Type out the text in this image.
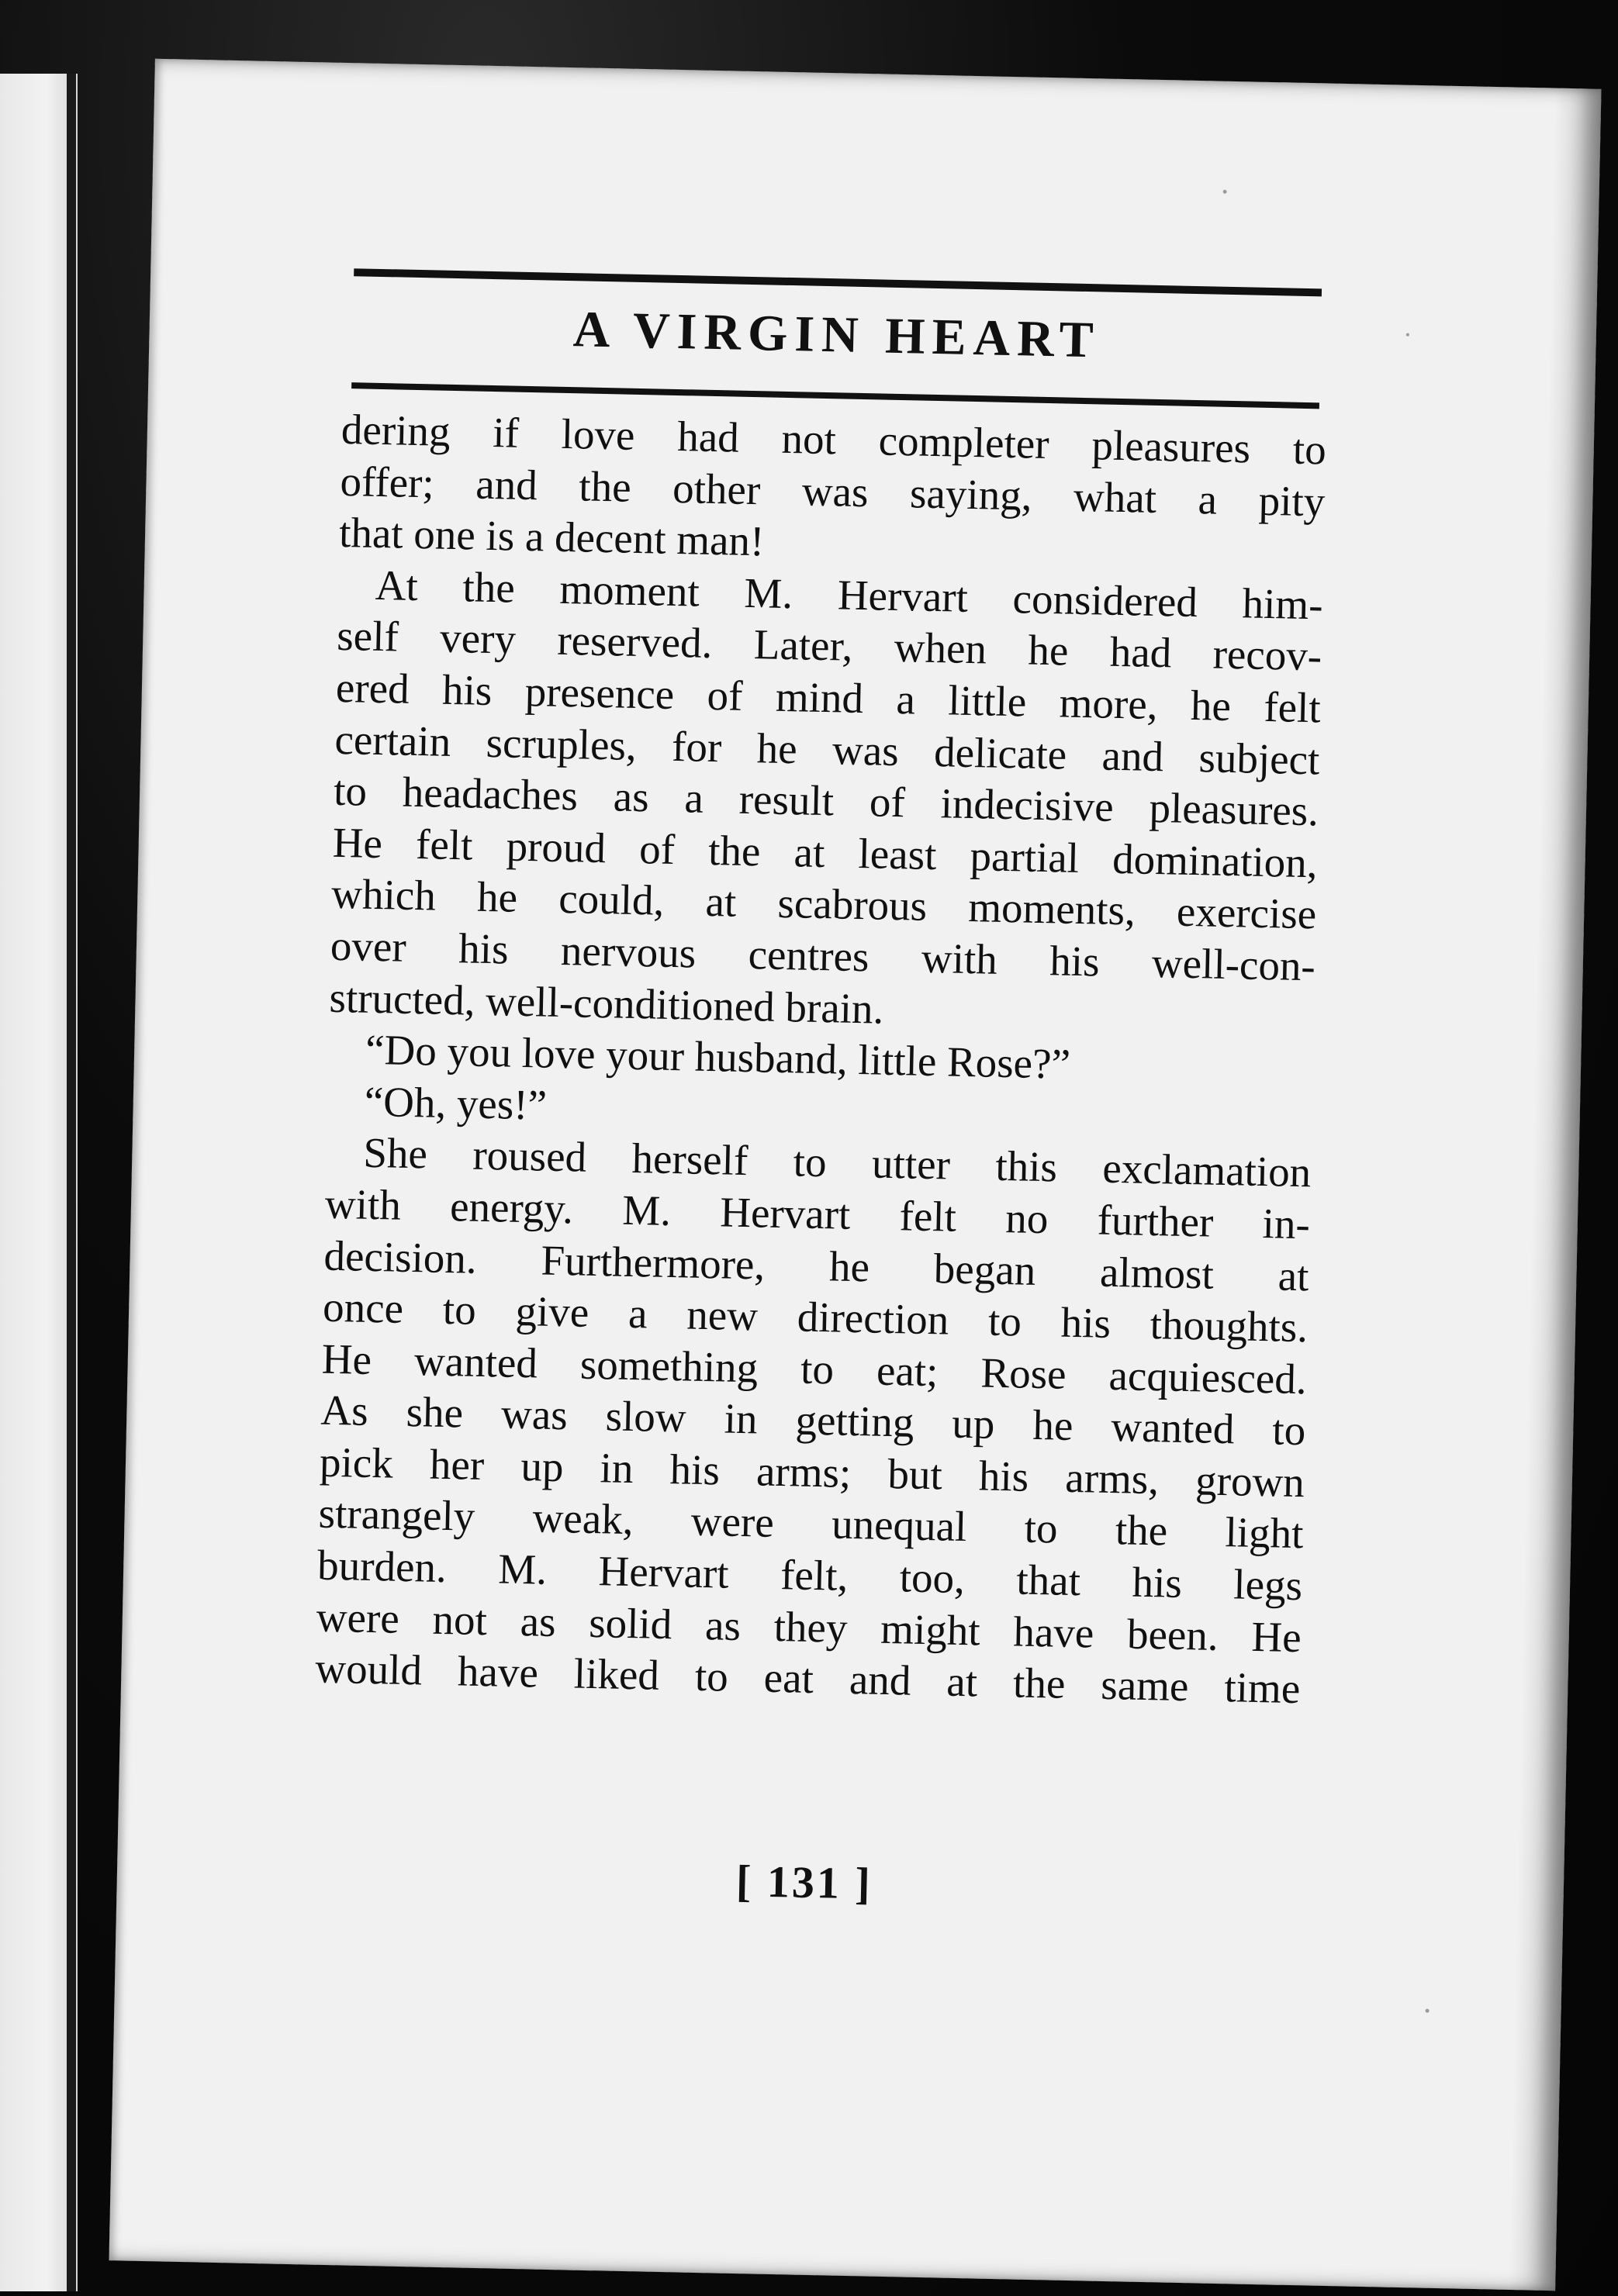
A VIRGIN HEART
dering if love had not completer pleasures to
offer; and the other was saying, what a pity
that one is a decent man!
At the moment M. Hervart considered him-
self very reserved. Later, when he had recov-
ered his presence of mind a little more, he felt
certain scruples, for he was delicate and subject
to headaches as a result of indecisive pleasures.
He felt proud of the at least partial domination,
which he could, at scabrous moments, exercise
over his nervous centres with his well-con-
structed, well-conditioned brain.
“Do you love your husband, little Rose?”
“Oh, yes!”
She roused herself to utter this exclamation
with energy. M. Hervart felt no further in-
decision. Furthermore, he began almost at
once to give a new direction to his thoughts.
He wanted something to eat; Rose acquiesced.
As she was slow in getting up he wanted to
pick her up in his arms; but his arms, grown
strangely weak, were unequal to the light
burden. M. Hervart felt, too, that his legs
were not as solid as they might have been. He
would have liked to eat and at the same time
[ 131 ]
